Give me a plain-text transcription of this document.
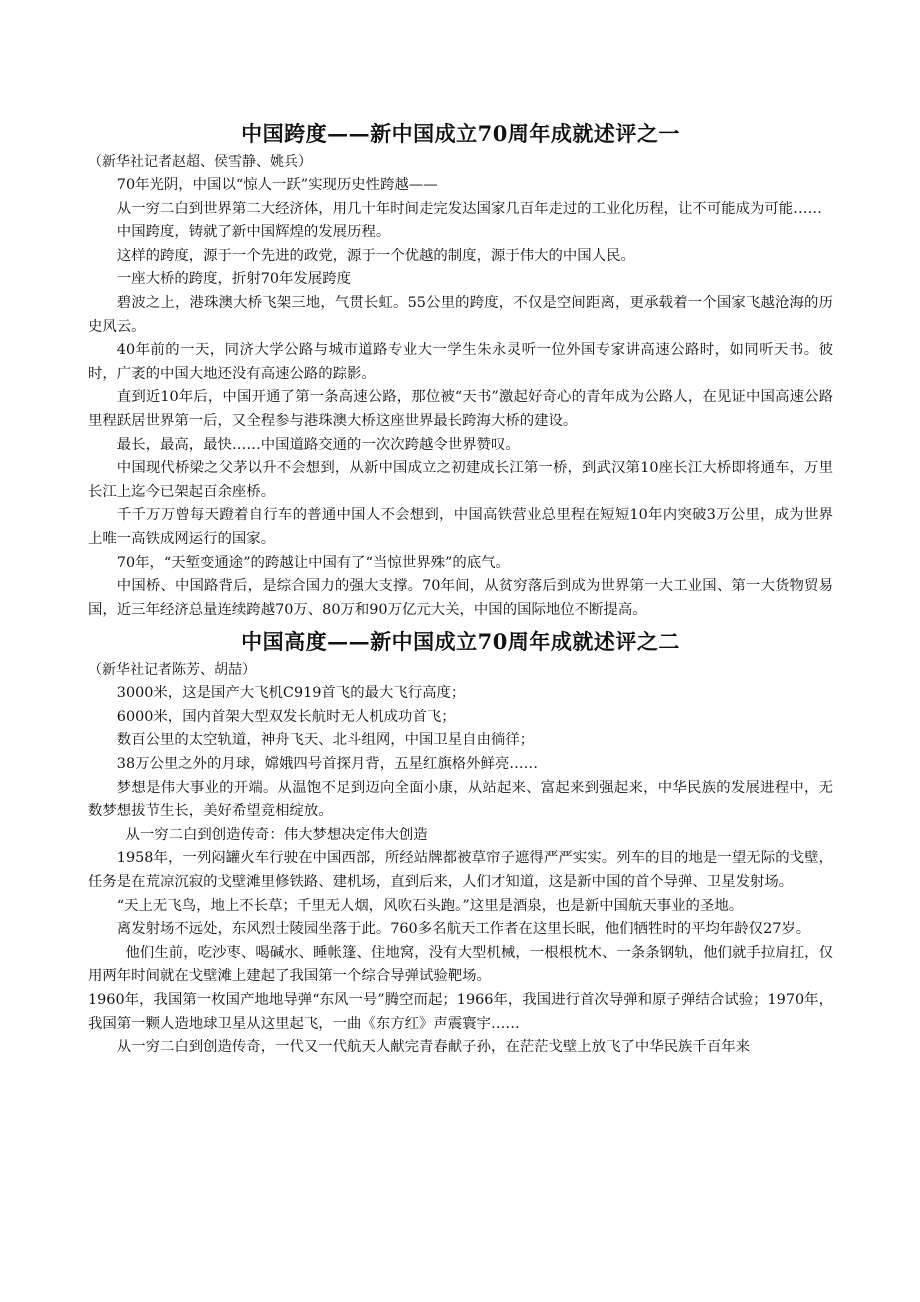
中国跨度——新中国成立70周年成就述评之一

（新华社记者赵超、侯雪静、姚兵）

70年光阴，中国以“惊人一跃”实现历史性跨越——

从一穷二白到世界第二大经济体，用几十年时间走完发达国家几百年走过的工业化历程，让不可能成为可能……

中国跨度，铸就了新中国辉煌的发展历程。

这样的跨度，源于一个先进的政党，源于一个优越的制度，源于伟大的中国人民。

一座大桥的跨度，折射70年发展跨度

碧波之上，港珠澳大桥飞架三地，气贯长虹。55公里的跨度，不仅是空间距离，更承载着一个国家飞越沧海的历史风云。

40年前的一天，同济大学公路与城市道路专业大一学生朱永灵听一位外国专家讲高速公路时，如同听天书。彼时，广袤的中国大地还没有高速公路的踪影。

直到近10年后，中国开通了第一条高速公路，那位被“天书”激起好奇心的青年成为公路人，在见证中国高速公路里程跃居世界第一后，又全程参与港珠澳大桥这座世界最长跨海大桥的建设。

最长，最高，最快……中国道路交通的一次次跨越令世界赞叹。

中国现代桥梁之父茅以升不会想到，从新中国成立之初建成长江第一桥，到武汉第10座长江大桥即将通车，万里长江上迄今已架起百余座桥。

千千万万曾每天蹬着自行车的普通中国人不会想到，中国高铁营业总里程在短短10年内突破3万公里，成为世界上唯一高铁成网运行的国家。

70年，“天堑变通途”的跨越让中国有了“当惊世界殊”的底气。

中国桥、中国路背后，是综合国力的强大支撑。70年间，从贫穷落后到成为世界第一大工业国、第一大货物贸易国，近三年经济总量连续跨越70万、80万和90万亿元大关，中国的国际地位不断提高。

中国高度——新中国成立70周年成就述评之二

（新华社记者陈芳、胡喆）

3000米，这是国产大飞机C919首飞的最大飞行高度；

6000米，国内首架大型双发长航时无人机成功首飞；

数百公里的太空轨道，神舟飞天、北斗组网，中国卫星自由徜徉；

38万公里之外的月球，嫦娥四号首探月背，五星红旗格外鲜亮……

梦想是伟大事业的开端。从温饱不足到迈向全面小康，从站起来、富起来到强起来，中华民族的发展进程中，无数梦想拔节生长，美好希望竞相绽放。

从一穷二白到创造传奇：伟大梦想决定伟大创造

1958年，一列闷罐火车行驶在中国西部，所经站牌都被草帘子遮得严严实实。列车的目的地是一望无际的戈壁，任务是在荒凉沉寂的戈壁滩里修铁路、建机场，直到后来，人们才知道，这是新中国的首个导弹、卫星发射场。

“天上无飞鸟，地上不长草；千里无人烟，风吹石头跑。”这里是酒泉，也是新中国航天事业的圣地。

离发射场不远处，东风烈士陵园坐落于此。760多名航天工作者在这里长眠，他们牺牲时的平均年龄仅27岁。

他们生前，吃沙枣、喝碱水、睡帐篷、住地窝，没有大型机械，一根根枕木、一条条钢轨，他们就手拉肩扛，仅用两年时间就在戈壁滩上建起了我国第一个综合导弹试验靶场。

1960年，我国第一枚国产地地导弹“东风一号”腾空而起；1966年，我国进行首次导弹和原子弹结合试验；1970年，我国第一颗人造地球卫星从这里起飞，一曲《东方红》声震寰宇……

从一穷二白到创造传奇，一代又一代航天人献完青春献子孙，在茫茫戈壁上放飞了中华民族千百年来
